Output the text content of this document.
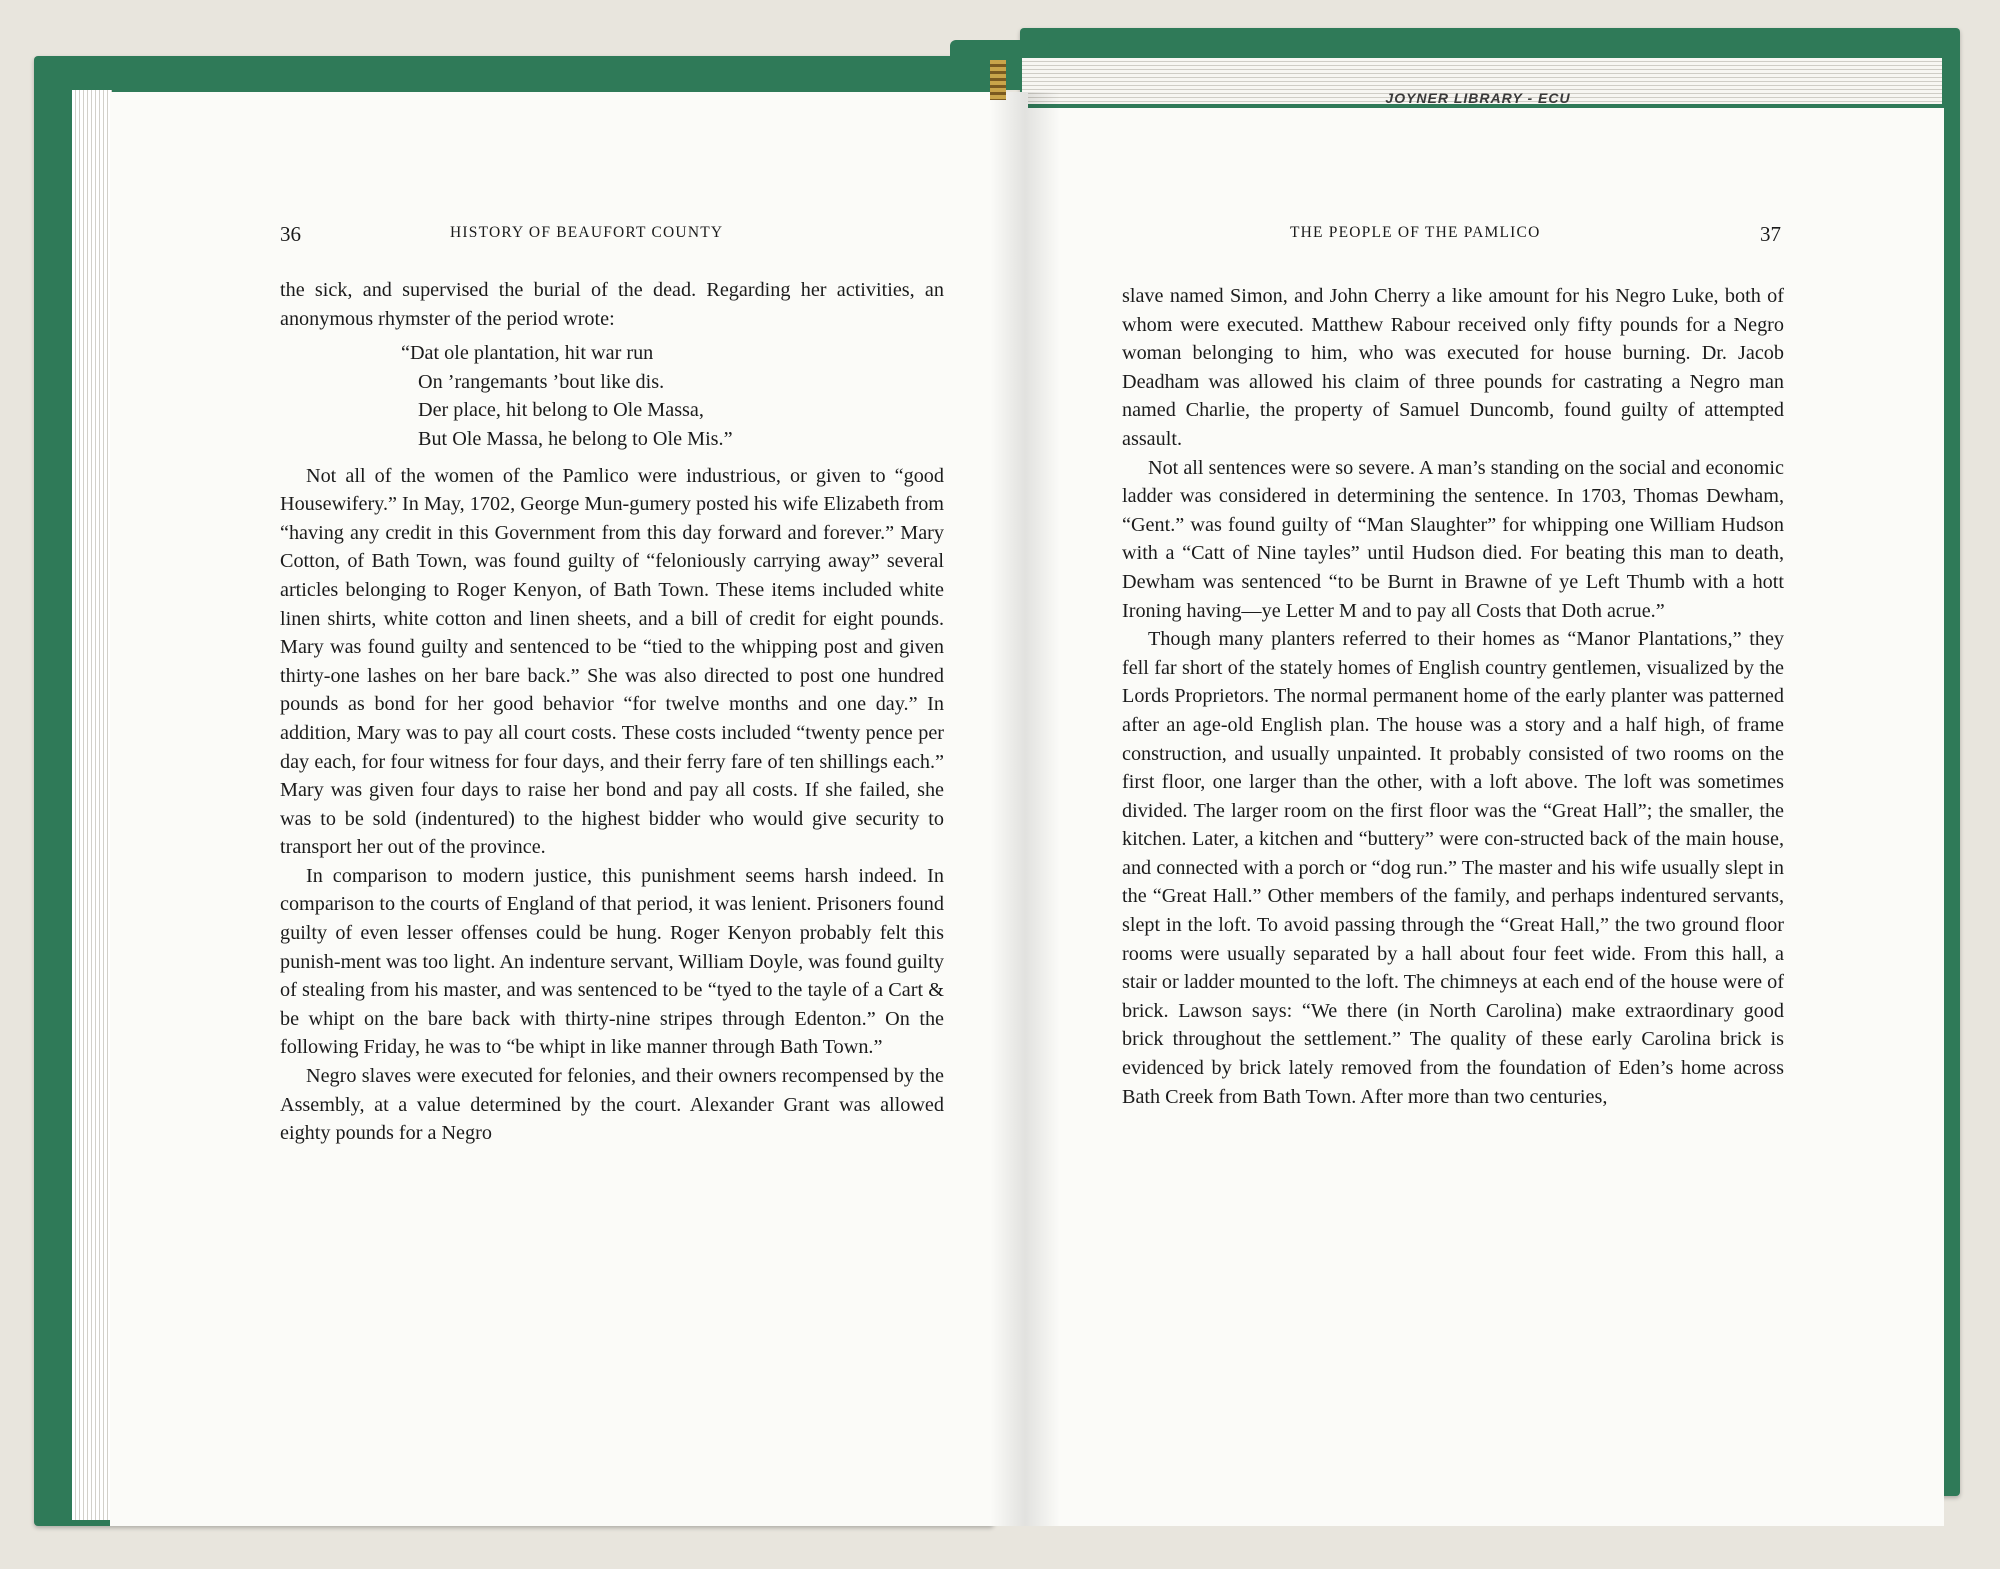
JOYNER LIBRARY - ECU
36	HISTORY OF BEAUFORT COUNTY

the sick, and supervised the burial of the dead. Regarding her activities, an anonymous rhymster of the period wrote:

“Dat ole plantation, hit war run
On ’rangemants ’bout like dis.
Der place, hit belong to Ole Massa,
But Ole Massa, he belong to Ole Mis.”

Not all of the women of the Pamlico were industrious, or given to “good Housewifery.” In May, 1702, George Mun-gumery posted his wife Elizabeth from “having any credit in this Government from this day forward and forever.” Mary Cotton, of Bath Town, was found guilty of “feloniously carrying away” several articles belonging to Roger Kenyon, of Bath Town. These items included white linen shirts, white cotton and linen sheets, and a bill of credit for eight pounds. Mary was found guilty and sentenced to be “tied to the whipping post and given thirty-one lashes on her bare back.” She was also directed to post one hundred pounds as bond for her good behavior “for twelve months and one day.” In addition, Mary was to pay all court costs. These costs included “twenty pence per day each, for four witness for four days, and their ferry fare of ten shillings each.” Mary was given four days to raise her bond and pay all costs. If she failed, she was to be sold (indentured) to the highest bidder who would give security to transport her out of the province.

In comparison to modern justice, this punishment seems harsh indeed. In comparison to the courts of England of that period, it was lenient. Prisoners found guilty of even lesser offenses could be hung. Roger Kenyon probably felt this punish-ment was too light. An indenture servant, William Doyle, was found guilty of stealing from his master, and was sentenced to be “tyed to the tayle of a Cart & be whipt on the bare back with thirty-nine stripes through Edenton.” On the following Friday, he was to “be whipt in like manner through Bath Town.”

Negro slaves were executed for felonies, and their owners recompensed by the Assembly, at a value determined by the court. Alexander Grant was allowed eighty pounds for a Negro

THE PEOPLE OF THE PAMLICO	37

slave named Simon, and John Cherry a like amount for his Negro Luke, both of whom were executed. Matthew Rabour received only fifty pounds for a Negro woman belonging to him, who was executed for house burning. Dr. Jacob Deadham was allowed his claim of three pounds for castrating a Negro man named Charlie, the property of Samuel Duncomb, found guilty of attempted assault.

Not all sentences were so severe. A man’s standing on the social and economic ladder was considered in determining the sentence. In 1703, Thomas Dewham, “Gent.” was found guilty of “Man Slaughter” for whipping one William Hudson with a “Catt of Nine tayles” until Hudson died. For beating this man to death, Dewham was sentenced “to be Burnt in Brawne of ye Left Thumb with a hott Ironing having—ye Letter M and to pay all Costs that Doth acrue.”

Though many planters referred to their homes as “Manor Plantations,” they fell far short of the stately homes of English country gentlemen, visualized by the Lords Proprietors. The normal permanent home of the early planter was patterned after an age-old English plan. The house was a story and a half high, of frame construction, and usually unpainted. It probably consisted of two rooms on the first floor, one larger than the other, with a loft above. The loft was sometimes divided. The larger room on the first floor was the “Great Hall”; the smaller, the kitchen. Later, a kitchen and “buttery” were con-structed back of the main house, and connected with a porch or “dog run.” The master and his wife usually slept in the “Great Hall.” Other members of the family, and perhaps indentured servants, slept in the loft. To avoid passing through the “Great Hall,” the two ground floor rooms were usually separated by a hall about four feet wide. From this hall, a stair or ladder mounted to the loft. The chimneys at each end of the house were of brick. Lawson says: “We there (in North Carolina) make extraordinary good brick throughout the settlement.” The quality of these early Carolina brick is evidenced by brick lately removed from the foundation of Eden’s home across Bath Creek from Bath Town. After more than two centuries,
